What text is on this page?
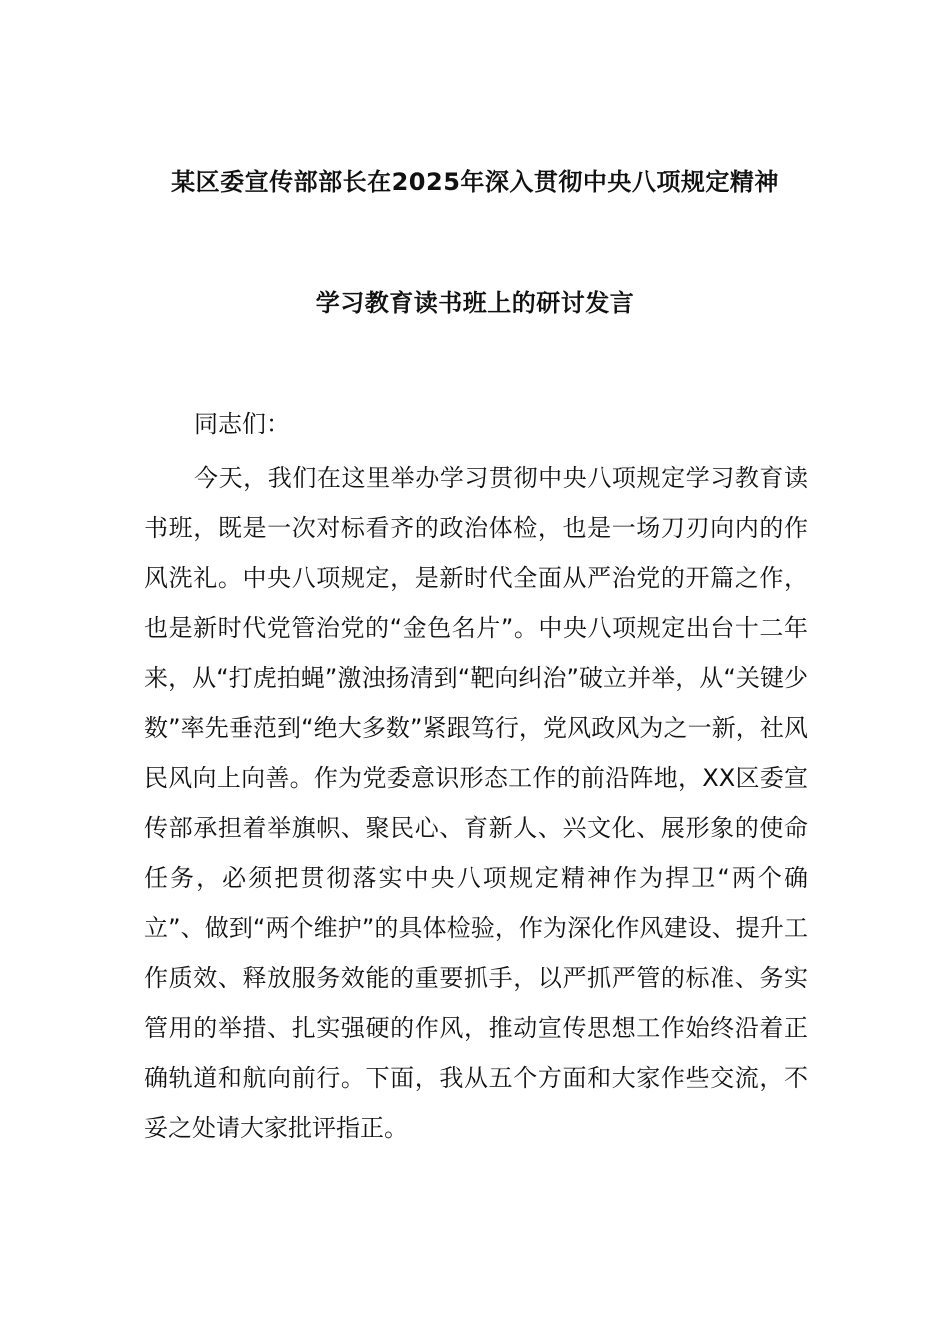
某区委宣传部部长在2025年深入贯彻中央八项规定精神
学习教育读书班上的研讨发言
同志们：
今天，我们在这里举办学习贯彻中央八项规定学习教育读书班，既是一次对标看齐的政治体检，也是一场刀刃向内的作风洗礼。中央八项规定，是新时代全面从严治党的开篇之作，也是新时代党管治党的“金色名片”。中央八项规定出台十二年来，从“打虎拍蝇”激浊扬清到“靶向纠治”破立并举，从“关键少数”率先垂范到“绝大多数”紧跟笃行，党风政风为之一新，社风民风向上向善。作为党委意识形态工作的前沿阵地，XX区委宣传部承担着举旗帜、聚民心、育新人、兴文化、展形象的使命任务，必须把贯彻落实中央八项规定精神作为捍卫“两个确立”、做到“两个维护”的具体检验，作为深化作风建设、提升工作质效、释放服务效能的重要抓手，以严抓严管的标准、务实管用的举措、扎实强硬的作风，推动宣传思想工作始终沿着正确轨道和航向前行。下面，我从五个方面和大家作些交流，不妥之处请大家批评指正。
